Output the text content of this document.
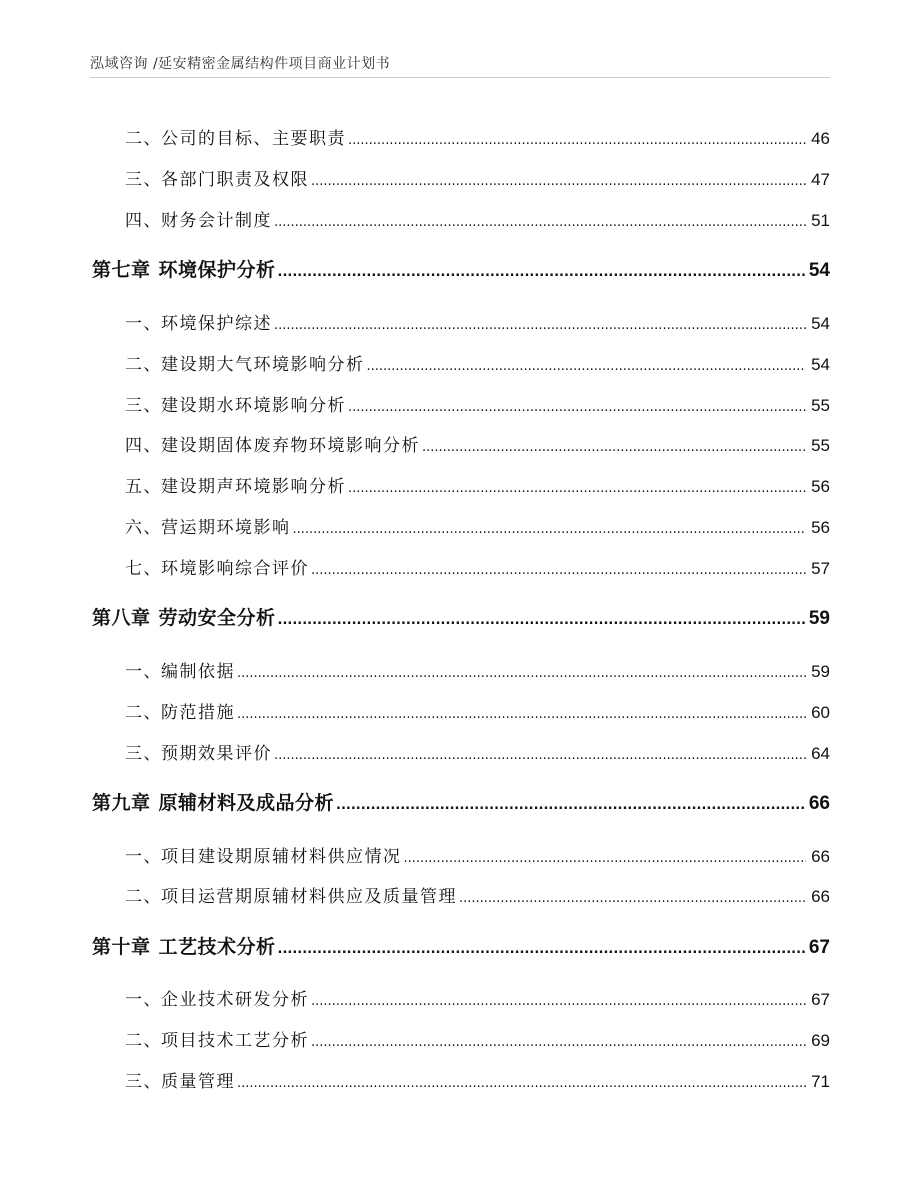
泓域咨询 /延安精密金属结构件项目商业计划书
二、 公司的目标、主要职责 .....	46
三、 各部门职责及权限 .....	47
四、 财务会计制度 .....	51
第七章 环境保护分析 .....	54
一、 环境保护综述 .....	54
二、 建设期大气环境影响分析 .....	54
三、 建设期水环境影响分析 .....	55
四、 建设期固体废弃物环境影响分析 .....	55
五、 建设期声环境影响分析 .....	56
六、 营运期环境影响 .....	56
七、 环境影响综合评价 .....	57
第八章 劳动安全分析 .....	59
一、 编制依据 .....	59
二、 防范措施 .....	60
三、 预期效果评价 .....	64
第九章 原辅材料及成品分析 .....	66
一、 项目建设期原辅材料供应情况 .....	66
二、 项目运营期原辅材料供应及质量管理 .....	66
第十章 工艺技术分析 .....	67
一、 企业技术研发分析 .....	67
二、 项目技术工艺分析 .....	69
三、 质量管理 .....	71
